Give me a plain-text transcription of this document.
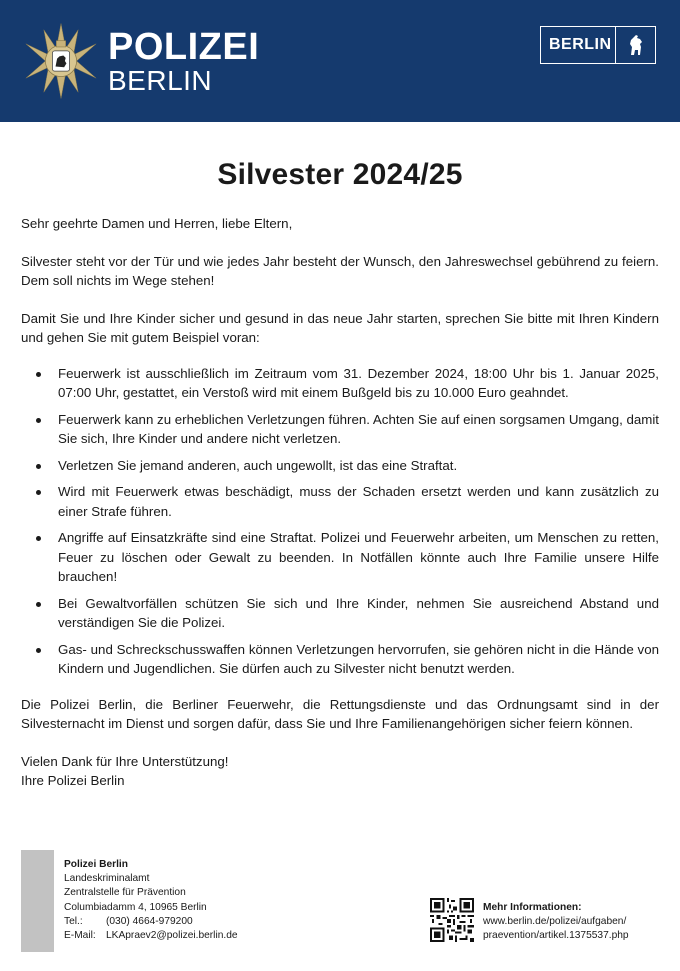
POLIZEI
BERLIN
BERLIN
Silvester 2024/25

Sehr geehrte Damen und Herren, liebe Eltern,

Silvester steht vor der Tür und wie jedes Jahr besteht der Wunsch, den Jahreswechsel gebührend zu feiern. Dem soll nichts im Wege stehen!

Damit Sie und Ihre Kinder sicher und gesund in das neue Jahr starten, sprechen Sie bitte mit Ihren Kindern und gehen Sie mit gutem Beispiel voran:

Feuerwerk ist ausschließlich im Zeitraum vom 31. Dezember 2024, 18:00 Uhr bis 1. Januar 2025, 07:00 Uhr, gestattet, ein Verstoß wird mit einem Bußgeld bis zu 10.000 Euro geahndet.
Feuerwerk kann zu erheblichen Verletzungen führen. Achten Sie auf einen sorgsamen Umgang, damit Sie sich, Ihre Kinder und andere nicht verletzen.
Verletzen Sie jemand anderen, auch ungewollt, ist das eine Straftat.
Wird mit Feuerwerk etwas beschädigt, muss der Schaden ersetzt werden und kann zusätzlich zu einer Strafe führen.
Angriffe auf Einsatzkräfte sind eine Straftat. Polizei und Feuerwehr arbeiten, um Menschen zu retten, Feuer zu löschen oder Gewalt zu beenden. In Notfällen könnte auch Ihre Familie unsere Hilfe brauchen!
Bei Gewaltvorfällen schützen Sie sich und Ihre Kinder, nehmen Sie ausreichend Abstand und verständigen Sie die Polizei.
Gas- und Schreckschusswaffen können Verletzungen hervorrufen, sie gehören nicht in die Hände von Kindern und Jugendlichen. Sie dürfen auch zu Silvester nicht benutzt werden.

Die Polizei Berlin, die Berliner Feuerwehr, die Rettungsdienste und das Ordnungsamt sind in der Silvesternacht im Dienst und sorgen dafür, dass Sie und Ihre Familienangehörigen sicher feiern können.

Vielen Dank für Ihre Unterstützung!

Ihre Polizei Berlin

Polizei Berlin
Landeskriminalamt
Zentralstelle für Prävention
Columbiadamm 4, 10965 Berlin
Tel.: (030) 4664-979200
E-Mail: LKApraev2@polizei.berlin.de
Mehr Informationen:
www.berlin.de/polizei/aufgaben/
praevention/artikel.1375537.php
